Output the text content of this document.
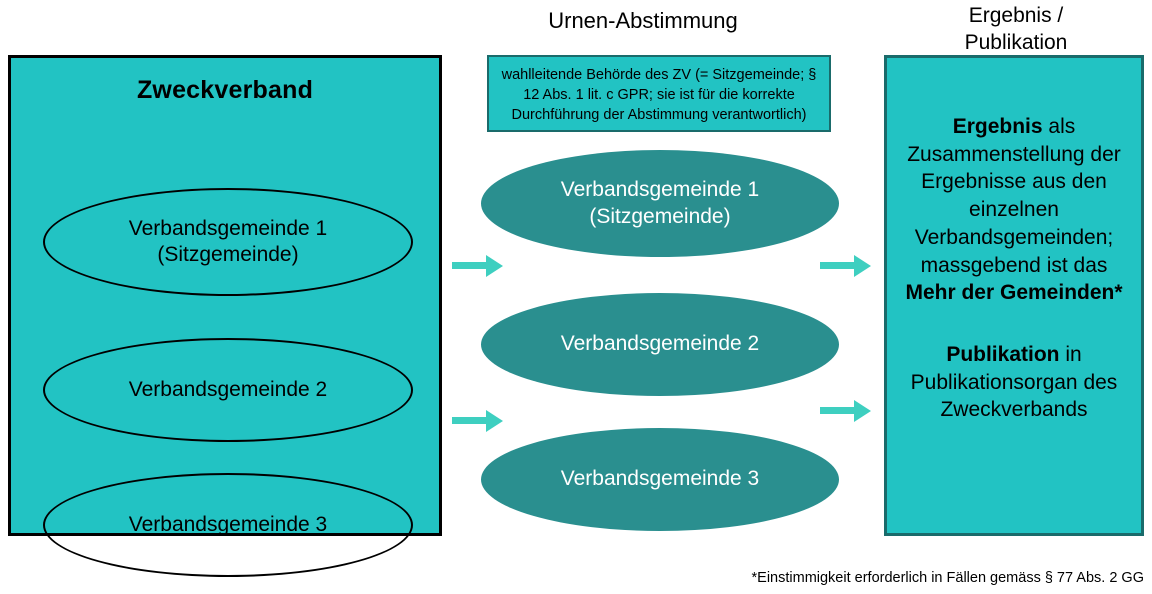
Zweckverband
Verbandsgemeinde 1
(Sitzgemeinde)
Verbandsgemeinde 2
Verbandsgemeinde 3
Urnen-Abstimmung
wahlleitende Behörde des ZV (= Sitzgemeinde; § 12 Abs. 1 lit. c GPR; sie ist für die korrekte Durchführung der Abstimmung verantwortlich)
Verbandsgemeinde 1
(Sitzgemeinde)
Verbandsgemeinde 2
Verbandsgemeinde 3
Ergebnis /
Publikation
Ergebnis als Zusammenstellung der Ergebnisse aus den einzelnen Verbandsgemeinden; massgebend ist das Mehr der Gemeinden*
Publikation in Publikationsorgan des Zweckverbands
*Einstimmigkeit erforderlich in Fällen gemäss § 77 Abs. 2 GG
